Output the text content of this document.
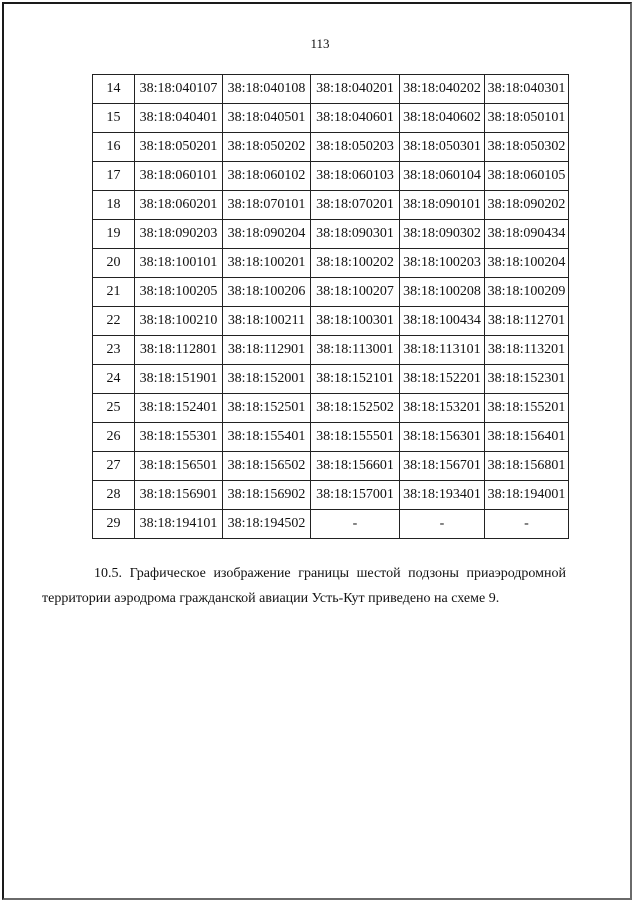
113
14	38:18:040107	38:18:040108	38:18:040201	38:18:040202	38:18:040301
15	38:18:040401	38:18:040501	38:18:040601	38:18:040602	38:18:050101
16	38:18:050201	38:18:050202	38:18:050203	38:18:050301	38:18:050302
17	38:18:060101	38:18:060102	38:18:060103	38:18:060104	38:18:060105
18	38:18:060201	38:18:070101	38:18:070201	38:18:090101	38:18:090202
19	38:18:090203	38:18:090204	38:18:090301	38:18:090302	38:18:090434
20	38:18:100101	38:18:100201	38:18:100202	38:18:100203	38:18:100204
21	38:18:100205	38:18:100206	38:18:100207	38:18:100208	38:18:100209
22	38:18:100210	38:18:100211	38:18:100301	38:18:100434	38:18:112701
23	38:18:112801	38:18:112901	38:18:113001	38:18:113101	38:18:113201
24	38:18:151901	38:18:152001	38:18:152101	38:18:152201	38:18:152301
25	38:18:152401	38:18:152501	38:18:152502	38:18:153201	38:18:155201
26	38:18:155301	38:18:155401	38:18:155501	38:18:156301	38:18:156401
27	38:18:156501	38:18:156502	38:18:156601	38:18:156701	38:18:156801
28	38:18:156901	38:18:156902	38:18:157001	38:18:193401	38:18:194001
29	38:18:194101	38:18:194502	-	-	-
10.5. Графическое изображение границы шестой подзоны приаэродромной
территории аэродрома гражданской авиации Усть-Кут приведено на схеме 9.
